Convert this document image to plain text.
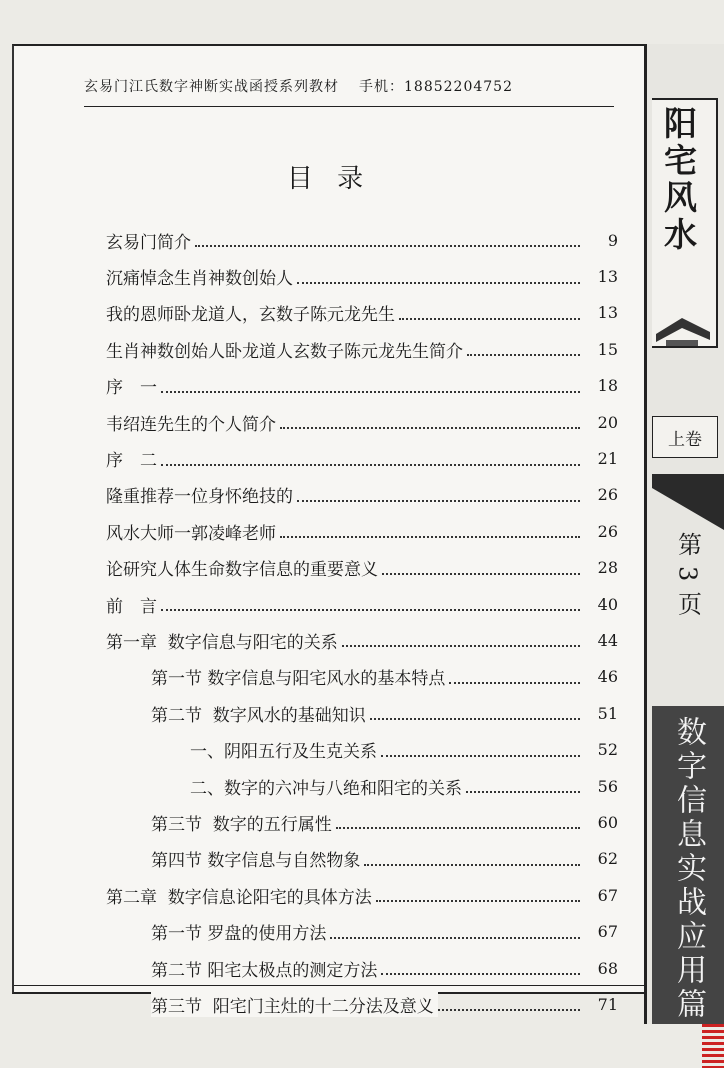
玄易门江氏数字神断实战函授系列教材 手机：18852204752
目 录
玄易门简介	9
沉痛悼念生肖神数创始人	13
我的恩师卧龙道人，玄数子陈元龙先生	13
生肖神数创始人卧龙道人玄数子陈元龙先生简介	15
序　一	18
韦绍连先生的个人简介	20
序　二	21
隆重推荐一位身怀绝技的	26
风水大师一郭凌峰老师	26
论研究人体生命数字信息的重要意义	28
前　言	40
第一章  数字信息与阳宅的关系	44
第一节 数字信息与阳宅风水的基本特点	46
第二节  数字风水的基础知识	51
一、阴阳五行及生克关系	52
二、数字的六冲与八绝和阳宅的关系	56
第三节  数字的五行属性	60
第四节 数字信息与自然物象	62
第二章  数字信息论阳宅的具体方法	67
第一节 罗盘的使用方法	67
第二节 阳宅太极点的测定方法	68
第三节  阳宅门主灶的十二分法及意义	71
阳宅风水
上卷
第3页
数字信息实战应用篇
